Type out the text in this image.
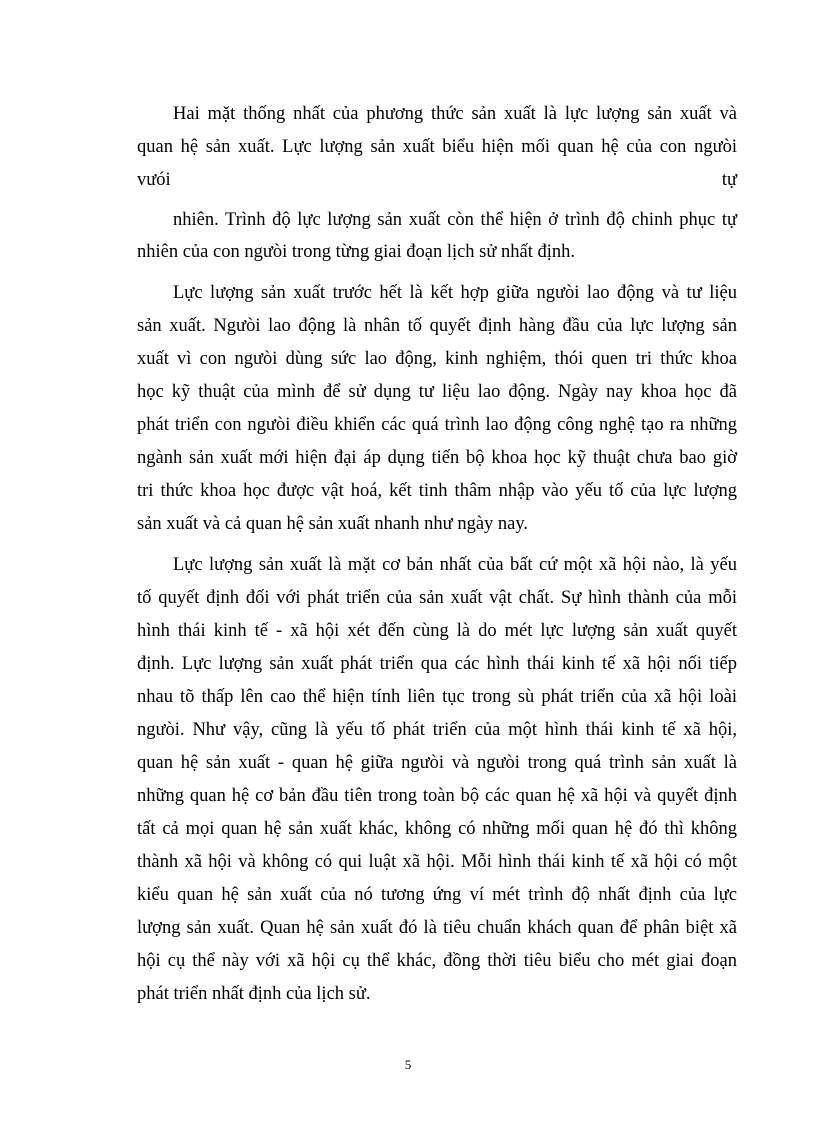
Hai mặt thống nhất của phương thức sản xuất là lực lượng sản xuất và
quan hệ sản xuất. Lực lượng sản xuất biểu hiện mối quan hệ của con ngưòi
vưói tự
nhiên. Trình độ lực lượng sản xuất còn thể hiện ở trình độ chinh phục tự
nhiên của con ngưòi trong từng giai đoạn lịch sử nhất định.
Lực lượng sản xuất trước hết là kết hợp giữa ngưòi lao động và tư liệu
sản xuất. Ngưòi lao động là nhân tố quyết định hàng đầu của lực lượng sản
xuất vì con ngưòi dùng sức lao động, kinh nghiệm, thói quen tri thức khoa
học kỹ thuật của mình để sử dụng tư liệu lao động. Ngày nay khoa học đã
phát triển con ngưòi điều khiển các quá trình lao động công nghệ tạo ra những
ngành sản xuất mới hiện đại áp dụng tiến bộ khoa học kỹ thuật chưa bao giờ
tri thức khoa học được vật hoá, kết tinh thâm nhập vào yếu tố của lực lượng
sản xuất và cả quan hệ sản xuất nhanh như ngày nay.
Lực lượng sản xuất là mặt cơ bản nhất của bất cứ một xã hội nào, là yếu
tố quyết định đối với phát triển của sản xuất vật chất. Sự hình thành của mỗi
hình thái kinh tế - xã hội xét đến cùng là do mét lực lượng sản xuất quyết
định. Lực lượng sản xuất phát triển qua các hình thái kinh tế xã hội nối tiếp
nhau tõ thấp lên cao thể hiện tính liên tục trong sù phát triển của xã hội loài
ngưòi. Như vậy, cũng là yếu tố phát triển của một hình thái kinh tế xã hội,
quan hệ sản xuất - quan hệ giữa ngưòi và ngưòi trong quá trình sản xuất là
những quan hệ cơ bản đầu tiên trong toàn bộ các quan hệ xã hội và quyết định
tất cả mọi quan hệ sản xuất khác, không có những mối quan hệ đó thì không
thành xã hội và không có qui luật xã hội. Mỗi hình thái kinh tế xã hội có một
kiểu quan hệ sản xuất của nó tương ứng ví mét trình độ nhất định của lực
lượng sản xuất. Quan hệ sản xuất đó là tiêu chuẩn khách quan để phân biệt xã
hội cụ thể này với xã hội cụ thể khác, đồng thời tiêu biểu cho mét giai đoạn
phát triển nhất định của lịch sử.
5
